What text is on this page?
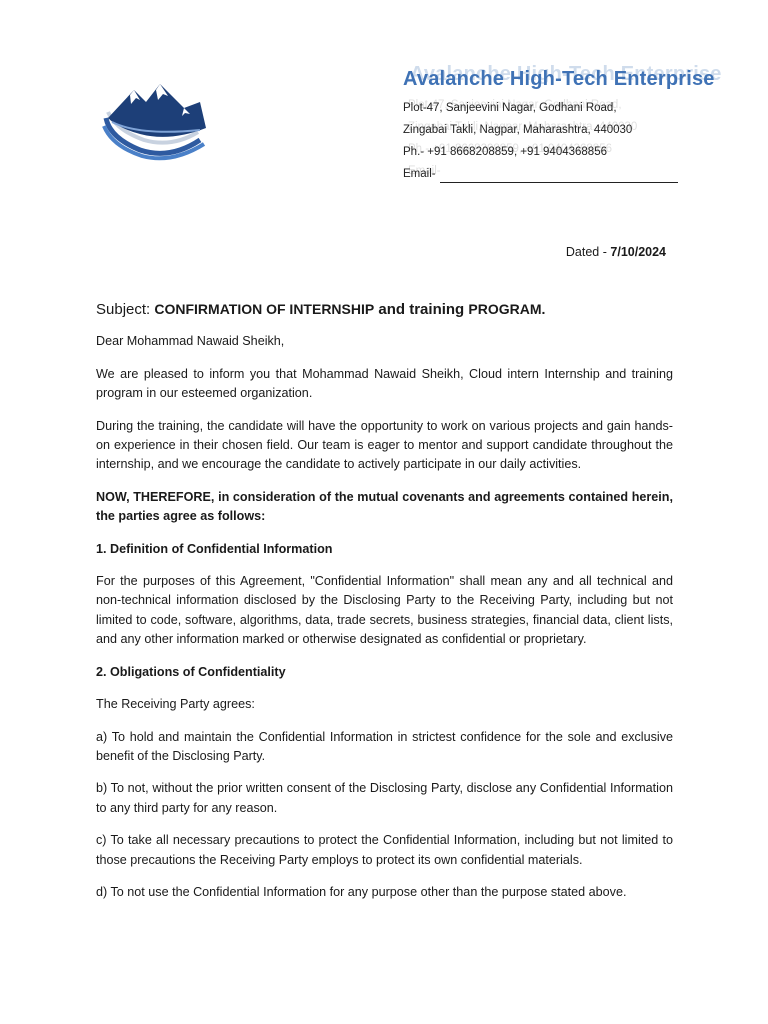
Avalanche High-Tech Enterprise
Plot-47, Sanjeevini Nagar, Godhani Road,
Zingabai Takli, Nagpar, Maharashtra, 440030
Ph.- +91 8668208859, +91 9404368856
Email-
Dated - 7/10/2024

Subject: CONFIRMATION OF INTERNSHIP and training PROGRAM.

Dear Mohammad Nawaid Sheikh,

We are pleased to inform you that Mohammad Nawaid Sheikh, Cloud intern Internship and training program in our esteemed organization.

During the training, the candidate will have the opportunity to work on various projects and gain hands-on experience in their chosen field. Our team is eager to mentor and support candidate throughout the internship, and we encourage the candidate to actively participate in our daily activities.

NOW, THEREFORE, in consideration of the mutual covenants and agreements contained herein, the parties agree as follows:

1. Definition of Confidential Information

For the purposes of this Agreement, "Confidential Information" shall mean any and all technical and non-technical information disclosed by the Disclosing Party to the Receiving Party, including but not limited to code, software, algorithms, data, trade secrets, business strategies, financial data, client lists, and any other information marked or otherwise designated as confidential or proprietary.

2. Obligations of Confidentiality

The Receiving Party agrees:

a) To hold and maintain the Confidential Information in strictest confidence for the sole and exclusive benefit of the Disclosing Party.

b) To not, without the prior written consent of the Disclosing Party, disclose any Confidential Information to any third party for any reason.

c) To take all necessary precautions to protect the Confidential Information, including but not limited to those precautions the Receiving Party employs to protect its own confidential materials.

d) To not use the Confidential Information for any purpose other than the purpose stated above.
